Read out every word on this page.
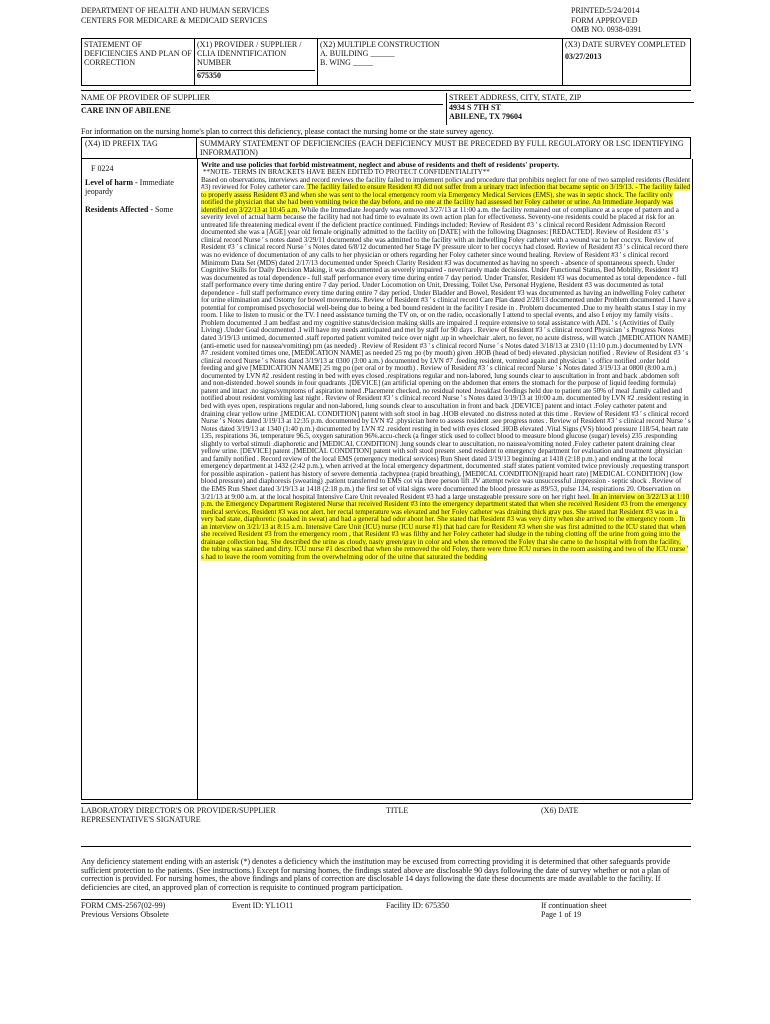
DEPARTMENT OF HEALTH AND HUMAN SERVICES
CENTERS FOR MEDICARE & MEDICAID SERVICES
PRINTED:5/24/2014
FORM APPROVED
OMB NO. 0938-0391
STATEMENT OF DEFICIENCIES AND PLAN OF CORRECTION	
(X1) PROVIDER / SUPPLIER / CLIA IDENNTIFICATION NUMBER
675350

(X2) MULTIPLE CONSTRUCTION
A. BUILDING ______
B. WING _____

(X3) DATE SURVEY COMPLETED
03/27/2013
NAME OF PROVIDER OF SUPPLIER
CARE INN OF ABILENE
STREET ADDRESS, CITY, STATE, ZIP
4934 S 7TH ST
ABILENE, TX 79604
For information on the nursing home's plan to correct this deficiency, please contact the nursing home or the state survey agency.
(X4) ID PREFIX TAG	SUMMARY STATEMENT OF DEFICIENCIES (EACH DEFICIENCY MUST BE PRECEDED BY FULL REGULATORY OR LSC IDENTIFYING INFORMATION)
F 0224
Level of harm - Immediate jeopardy
Residents Affected - Some
Write and use policies that forbid mistreatment, neglect and abuse of residents and theft of residents' property.
**NOTE- TERMS IN BRACKETS HAVE BEEN EDITED TO PROTECT CONFIDENTIALITY**
Based on observations, interviews and record reviews the facility failed to implement policy and procedure that prohibits neglect for one of two sampled residents (Resident #3) reviewed for Foley catheter care. The facility failed to ensure Resident #3 did not suffer from a urinary tract infection that became septic on 3/19/13. - The facility failed to properly assess Resident #3 and when she was sent to the local emergency room via Emergency Medical Services (EMS), she was in septic shock. The facility only notified the physician that she had been vomiting twice the day before, and no one at the facility had assessed her Foley catheter or urine. An Immediate Jeopardy was identified on 3/22/13 at 10:45 a.m. While the Immediate Jeopardy was removed 3/27/13 at 11:00 a.m. the facility remained out of compliance at a scope of pattern and a severity level of actual harm because the facility had not had time to evaluate its own action plan for effectiveness. Seventy-one residents could be placed at risk for an untreated life threatening medical event if the deficient practice continued. Findings included: Review of Resident #3 ' s clinical record Resident Admission Record documented she was a [AGE] year old female originally admitted to the facility on [DATE] with the following Diagnoses: [REDACTED]. Review of Resident #3 ' s clinical record Nurse ' s notes dated 3/29/11 documented she was admitted to the facility with an indwelling Foley catheter with a wound vac to her coccyx. Review of Resident #3 ' s clinical record Nurse ' s Notes dated 6/8/12 documented her Stage IV pressure ulcer to her coccyx had closed. Review of Resident #3 ' s clinical record there was no evidence of documentation of any calls to her physician or others regarding her Foley catheter since wound healing. Review of Resident #3 ' s clinical record Minimum Data Set (MDS) dated 2/17/13 documented under Speech Clarity Resident #3 was documented as having no speech - absence of spontaneous speech. Under Cognitive Skills for Daily Decision Making, it was documented as severely impaired - never/rarely made decisions. Under Functional Status, Bed Mobility, Resident #3 was documented as total dependence - full staff performance every time during entire 7 day period. Under Transfer, Resident #3 was documented as total dependence - full staff performance every time during entire 7 day period. Under Locomotion on Unit, Dressing, Toilet Use, Personal Hygiene, Resident #3 was documented as total dependence - full staff performance every time during entire 7 day period. Under Bladder and Bowel, Resident #3 was documented as having an indwelling Foley catheter for urine elimination and Ostomy for bowel movements. Review of Resident #3 ' s clinical record Care Plan dated 2/28/13 documented under Problem documented .I have a potential for compromised psychosocial well-being due to being a bed bound resident in the facility I reside in . Problem documented .Due to my health status I stay in my room. I like to listen to music or the TV. I need assistance turning the TV on, or on the radio, occasionally I attend to special events, and also I enjoy my family visits . Problem documented .I am bedfast and my cognitive status/decision making skills are impaired .I require extensive to total assistance with ADL ' s (Activities of Daily Living) .Under Goal documented .I will have my needs anticipated and met by staff for 90 days . Review of Resident #3 ' s clinical record Physician ' s Progress Notes dated 3/19/13 untimed, documented .staff reported patient vomited twice over night .up in wheelchair .alert, no fever, no acute distress, will watch .[MEDICATION NAME] (anti-emetic used for nausea/vomiting) prn (as needed) . Review of Resident #3 ' s clinical record Nurse ' s Notes dated 3/18/13 at 2310 (11:10 p.m.) documented by LVN #7 .resident vomited times one, [MEDICATION NAME] as needed 25 mg po (by mouth) given .HOB (head of bed) elevated .physician notified . Review of Resident #3 ' s clinical record Nurse ' s Notes dated 3/19/13 at 0300 (3:00 a.m.) documented by LVN #7 .feeding resident, vomited again and physician ' s office notified .order hold feeding and give [MEDICATION NAME] 25 mg po (per oral or by mouth) . Review of Resident #3 ' s clinical record Nurse ' s Notes dated 3/19/13 at 0800 (8:00 a.m.) documented by LVN #2 .resident resting in bed with eyes closed .respirations regular and non-labored, lung sounds clear to auscultation in front and back .abdomen soft and non-distended .bowel sounds in four quadrants .[DEVICE] (an artificial opening on the abdomen that enters the stomach for the purpose of liquid feeding formula) patent and intact .no signs/symptoms of aspiration noted .Placement checked, no residual noted .breakfast feedings held due to patient ate 50% of meal .family called and notified about resident vomiting last night . Review of Resident #3 ' s clinical record Nurse ' s Notes dated 3/19/13 at 10:00 a.m. documented by LVN #2 .resident resting in bed with eyes open, respirations regular and non-labored, lung sounds clear to auscultation in front and back .[DEVICE] patent and intact .Foley catheter patent and draining clear yellow urine .[MEDICAL CONDITION] patent with soft stool in bag .HOB elevated .no distress noted at this time . Review of Resident #3 ' s clinical record Nurse ' s Notes dated 3/19/13 at 12:35 p.m. documented by LVN #2 .physician here to assess resident .see progress notes . Review of Resident #3 ' s clinical record Nurse ' s Notes dated 3/19/13 at 1340 (1:40 p.m.) documented by LVN #2 .resident resting in bed with eyes closed .HOB elevated .Vital Signs (VS) blood pressure 118/54, heart rate 135, respirations 36, temperature 96.5, oxygen saturation 96%.accu-check (a finger stick used to collect blood to measure blood glucose (sugar) levels) 235 .responding slightly to verbal stimuli .diaphoretic and [MEDICAL CONDITION] .lung sounds clear to auscultation, no nausea/vomiting noted .Foley catheter patent draining clear yellow urine. [DEVICE] patent .[MEDICAL CONDITION] patent with soft stool present .send resident to emergency department for evaluation and treatment .physician and family notified . Record review of the local EMS (emergency medical services) Run Sheet dated 3/19/13 beginning at 1418 (2:18 p.m.) and ending at the local emergency department at 1432 (2:42 p.m.), when arrived at the local emergency department, documented .staff states patient vomited twice previously .requesting transport for possible aspiration - patient has history of severe dementia .tachypnea (rapid breathing), [MEDICAL CONDITION](rapid heart rate) [MEDICAL CONDITION] (low blood pressure) and diaphoresis (sweating) .patient transferred to EMS cot via three person lift .IV attempt twice was unsuccessful .impression - septic shock . Review of the EMS Run Sheet dated 3/19/13 at 1418 (2:18 p.m.) the first set of vital signs were documented the blood pressure as 89/53, pulse 134, respirations 20. Observation on 3/21/13 at 9:00 a.m. at the local hospital Intensive Care Unit revealed Resident #3 had a large unstageable pressure sore on her right heel. In an interview on 3/22/13 at 1:10 p.m. the Emergency Department Registered Nurse that received Resident #3 into the emergency department stated that when she received Resident #3 from the emergency medical services, Resident #3 was not alert, her rectal temperature was elevated and her Foley catheter was draining thick gray pus. She stated that Resident #3 was in a very bad state, diaphoretic (soaked in sweat) and had a general bad odor about her. She stated that Resident #3 was very dirty when she arrived to the emergency room . In an interview on 3/21/13 at 8:15 a.m. Intensive Care Unit (ICU) nurse (ICU nurse #1) that had care for Resident #3 when she was first admitted to the ICU stated that when she received Resident #3 from the emergency room , that Resident #3 was filthy and her Foley catheter had sludge in the tubing clotting off the urine from going into the drainage collection bag. She described the urine as cloudy, nasty green/gray in color and when she removed the Foley that she came to the hospital with from the facility, the tubing was stained and dirty. ICU nurse #1 described that when she removed the old Foley, there were three ICU nurses in the room assisting and two of the ICU nurse ' s had to leave the room vomiting from the overwhelming odor of the urine that saturated the bedding
LABORATORY DIRECTOR'S OR PROVIDER/SUPPLIER REPRESENTATIVE'S SIGNATURE
TITLE	(X6) DATE
Any deficiency statement ending with an asterisk (*) denotes a deficiency which the institution may be excused from correcting providing it is determined that other safeguards provide sufficient protection to the patients. (See instructions.) Except for nursing homes, the findings stated above are disclosable 90 days following the date of survey whether or not a plan of correction is provided. For nursing homes, the above findings and plans of correction are disclosable 14 days following the date these documents are made available to the facility. If deficiencies are cited, an approved plan of correction is requisite to continued program participation.
FORM CMS-2567(02-99)
Previous Versions Obsolete
Event ID: YL1O11	Facility ID: 675350	If continuation sheet
Page 1 of 19
